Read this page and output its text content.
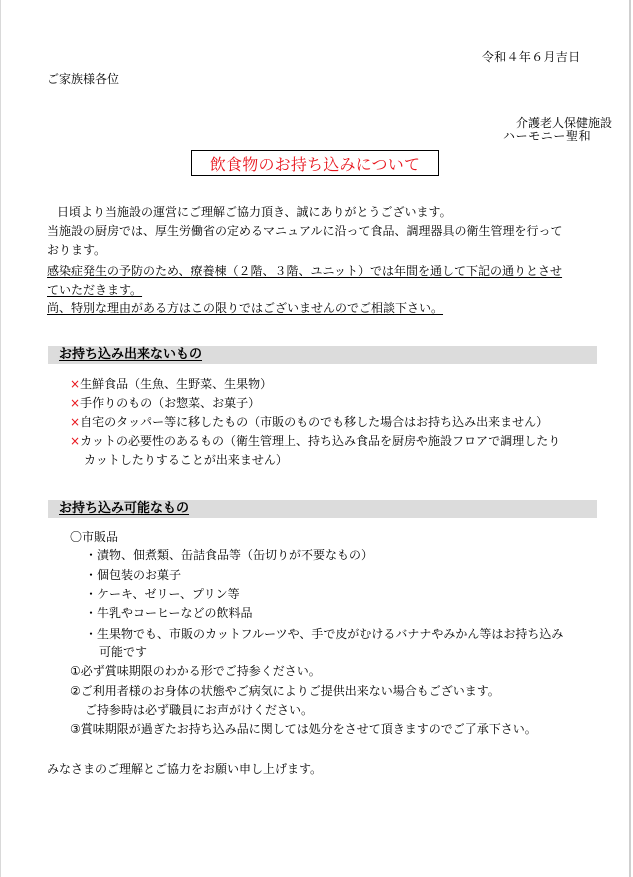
令和４年６月吉日
ご家族様各位
介護老人保健施設
ハーモニー聖和
飲食物のお持ち込みについて
日頃より当施設の運営にご理解ご協力頂き、誠にありがとうございます。
当施設の厨房では、厚生労働省の定めるマニュアルに沿って食品、調理器具の衛生管理を行って
おります。
感染症発生の予防のため、療養棟（２階、３階、ユニット）では年間を通して下記の通りとさせ
ていただきます。
尚、特別な理由がある方はこの限りではございませんのでご相談下さい。
お持ち込み出来ないもの
×生鮮食品（生魚、生野菜、生果物）
×手作りのもの（お惣菜、お菓子）
×自宅のタッパー等に移したもの（市販のものでも移した場合はお持ち込み出来ません）
×カットの必要性のあるもの（衛生管理上、持ち込み食品を厨房や施設フロアで調理したり
カットしたりすることが出来ません）
お持ち込み可能なもの
〇市販品
・漬物、佃煮類、缶詰食品等（缶切りが不要なもの）
・個包装のお菓子
・ケーキ、ゼリー、プリン等
・牛乳やコーヒーなどの飲料品
・生果物でも、市販のカットフルーツや、手で皮がむけるバナナやみかん等はお持ち込み
可能です
①必ず賞味期限のわかる形でご持参ください。
②ご利用者様のお身体の状態やご病気によりご提供出来ない場合もございます。
ご持参時は必ず職員にお声がけください。
③賞味期限が過ぎたお持ち込み品に関しては処分をさせて頂きますのでご了承下さい。
みなさまのご理解とご協力をお願い申し上げます。
